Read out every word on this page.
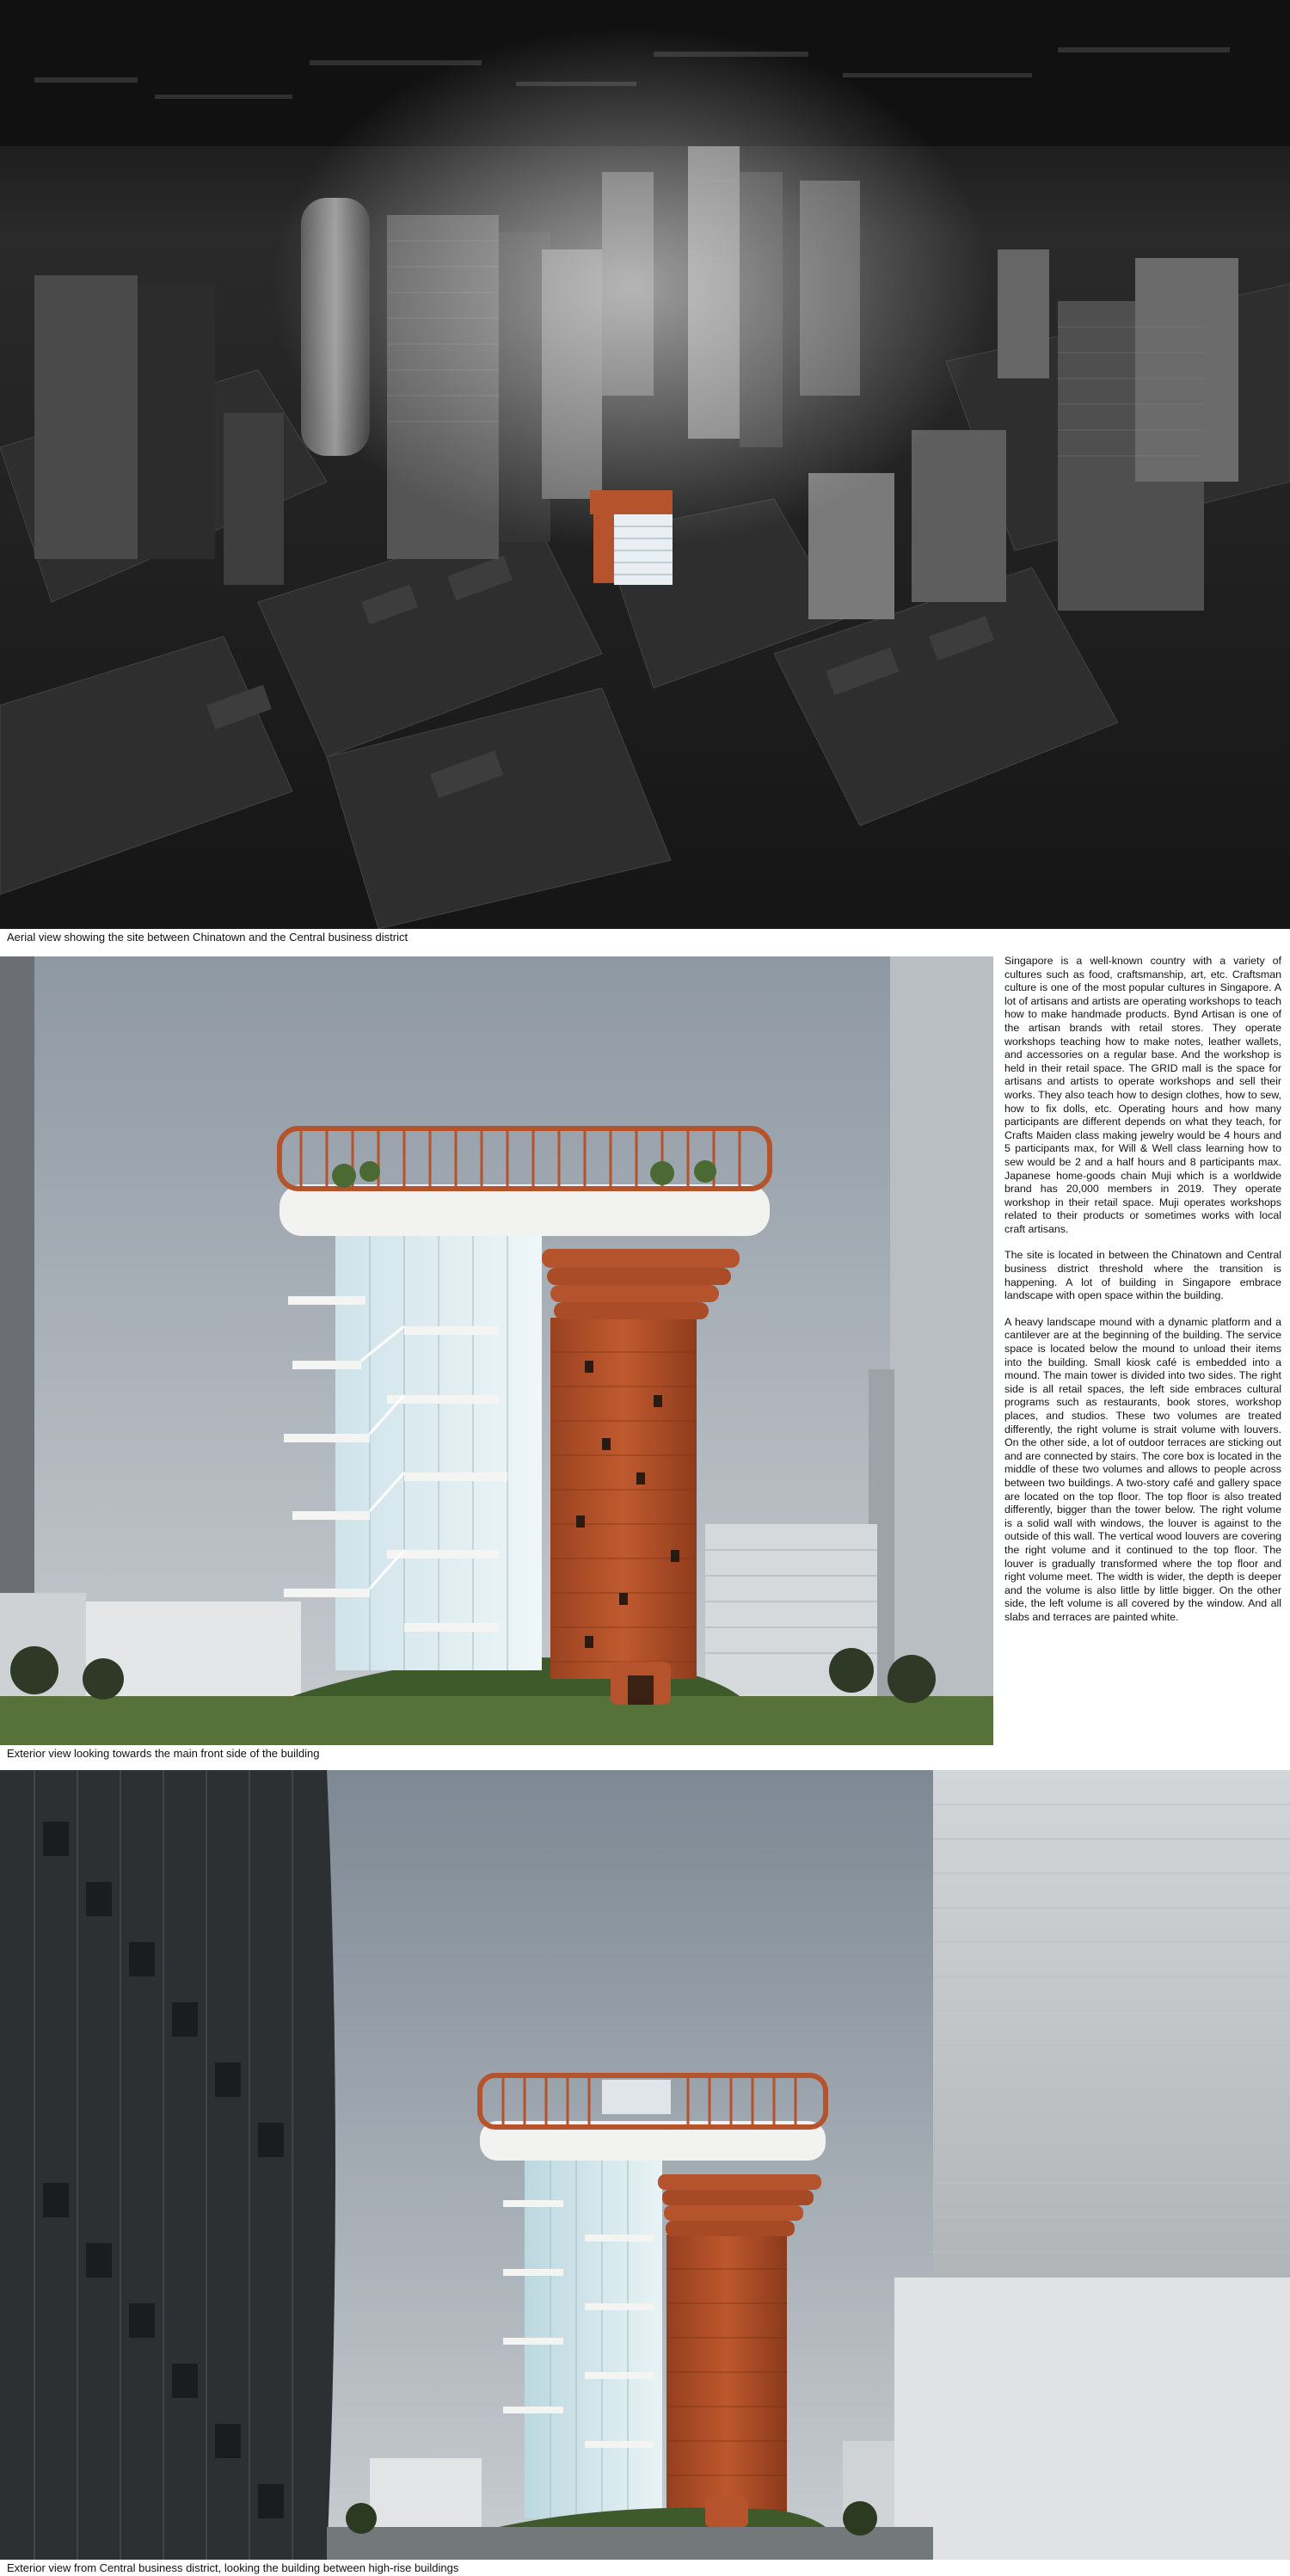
Aerial view showing the site between Chinatown and the Central business district
Exterior view looking towards the main front side of the building

Singapore is a well-known country with a variety of cultures such as food, craftsmanship, art, etc. Craftsman culture is one of the most popular cultures in Singapore. A lot of artisans and artists are operating workshops to teach how to make handmade products. Bynd Artisan is one of the artisan brands with retail stores. They operate workshops teaching how to make notes, leather wallets, and accessories on a regular base. And the workshop is held in their retail space. The GRID mall is the space for artisans and artists to operate workshops and sell their works. They also teach how to design clothes, how to sew, how to fix dolls, etc. Operating hours and how many participants are different depends on what they teach, for Crafts Maiden class making jewelry would be 4 hours and 5 participants max, for Will & Well class learning how to sew would be 2 and a half hours and 8 participants max. Japanese home-goods chain Muji which is a worldwide brand has 20,000 members in 2019. They operate workshop in their retail space. Muji operates workshops related to their products or sometimes works with local craft artisans.

The site is located in between the Chinatown and Central business district threshold where the transition is happening. A lot of building in Singapore embrace landscape with open space within the building.

A heavy landscape mound with a dynamic platform and a cantilever are at the beginning of the building. The service space is located below the mound to unload their items into the building. Small kiosk café is embedded into a mound. The main tower is divided into two sides. The right side is all retail spaces, the left side embraces cultural programs such as restaurants, book stores, workshop places, and studios. These two volumes are treated differently, the right volume is strait volume with louvers. On the other side, a lot of outdoor terraces are sticking out and are connected by stairs. The core box is located in the middle of these two volumes and allows to people across between two buildings. A two-story café and gallery space are located on the top floor. The top floor is also treated differently, bigger than the tower below. The right volume is a solid wall with windows, the louver is against to the outside of this wall. The vertical wood louvers are covering the right volume and it continued to the top floor. The louver is gradually transformed where the top floor and right volume meet. The width is wider, the depth is deeper and the volume is also little by little bigger. On the other side, the left volume is all covered by the window. And all slabs and terraces are painted white.

Exterior view from Central business district, looking the building between high-rise buildings
